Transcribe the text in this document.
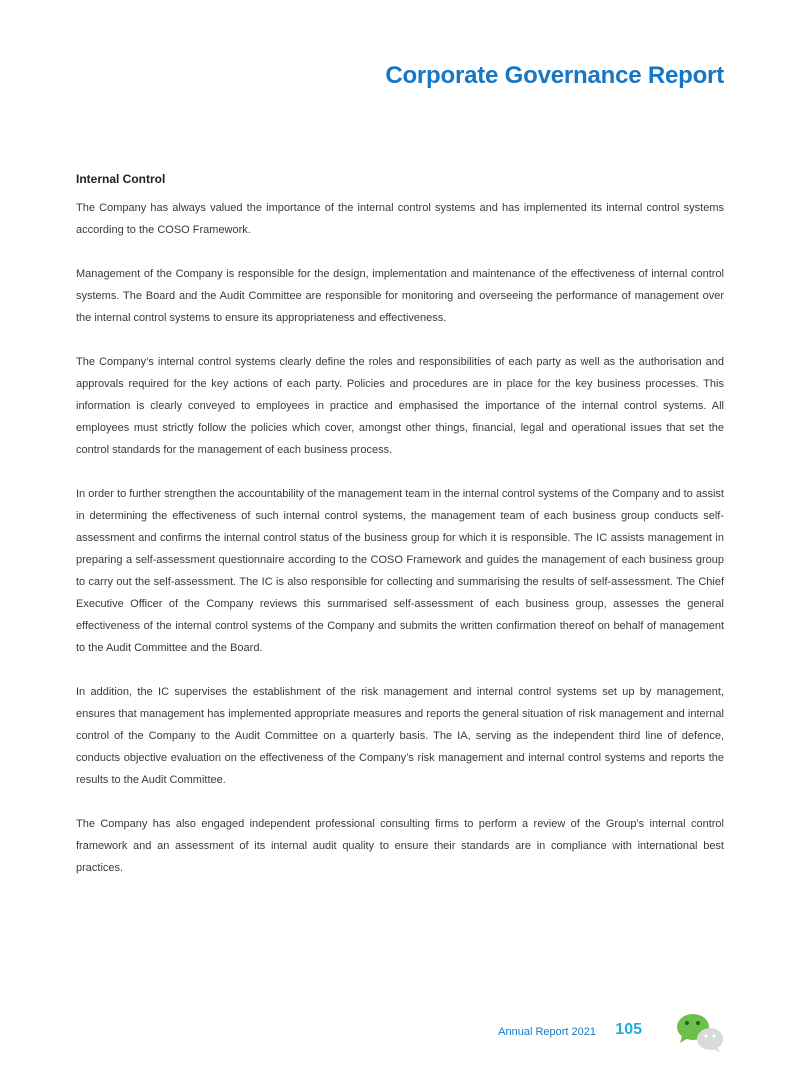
Corporate Governance Report
Internal Control

The Company has always valued the importance of the internal control systems and has implemented its internal control systems according to the COSO Framework.

Management of the Company is responsible for the design, implementation and maintenance of the effectiveness of internal control systems. The Board and the Audit Committee are responsible for monitoring and overseeing the performance of management over the internal control systems to ensure its appropriateness and effectiveness.

The Company’s internal control systems clearly define the roles and responsibilities of each party as well as the authorisation and approvals required for the key actions of each party. Policies and procedures are in place for the key business processes. This information is clearly conveyed to employees in practice and emphasised the importance of the internal control systems. All employees must strictly follow the policies which cover, amongst other things, financial, legal and operational issues that set the control standards for the management of each business process.

In order to further strengthen the accountability of the management team in the internal control systems of the Company and to assist in determining the effectiveness of such internal control systems, the management team of each business group conducts self-assessment and confirms the internal control status of the business group for which it is responsible. The IC assists management in preparing a self-assessment questionnaire according to the COSO Framework and guides the management of each business group to carry out the self-assessment. The IC is also responsible for collecting and summarising the results of self-assessment. The Chief Executive Officer of the Company reviews this summarised self-assessment of each business group, assesses the general effectiveness of the internal control systems of the Company and submits the written confirmation thereof on behalf of management to the Audit Committee and the Board.

In addition, the IC supervises the establishment of the risk management and internal control systems set up by management, ensures that management has implemented appropriate measures and reports the general situation of risk management and internal control of the Company to the Audit Committee on a quarterly basis. The IA, serving as the independent third line of defence, conducts objective evaluation on the effectiveness of the Company’s risk management and internal control systems and reports the results to the Audit Committee.

The Company has also engaged independent professional consulting firms to perform a review of the Group’s internal control framework and an assessment of its internal audit quality to ensure their standards are in compliance with international best practices.

Annual Report 2021 105
